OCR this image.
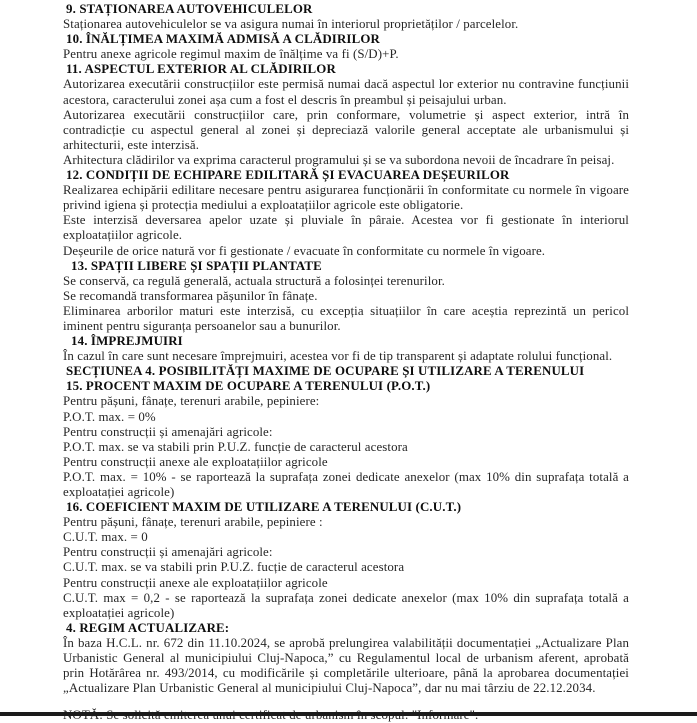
9. STAȚIONAREA AUTOVEHICULELOR
Staționarea autovehiculelor se va asigura numai în interiorul proprietăților / parcelelor.
10. ÎNĂLȚIMEA MAXIMĂ ADMISĂ A CLĂDIRILOR
Pentru anexe agricole regimul maxim de înălțime va fi (S/D)+P.
11. ASPECTUL EXTERIOR AL CLĂDIRILOR
Autorizarea executării construcțiilor este permisă numai dacă aspectul lor exterior nu contravine funcțiunii acestora, caracterului zonei așa cum a fost el descris în preambul și peisajului urban.
Autorizarea executării construcțiilor care, prin conformare, volumetrie și aspect exterior, intră în contradicție cu aspectul general al zonei și depreciază valorile general acceptate ale urbanismului și arhitecturii, este interzisă.
Arhitectura clădirilor va exprima caracterul programului și se va subordona nevoii de încadrare în peisaj.
12. CONDIȚII DE ECHIPARE EDILITARĂ ȘI EVACUAREA DEȘEURILOR
Realizarea echipării edilitare necesare pentru asigurarea funcționării în conformitate cu normele în vigoare privind igiena și protecția mediului a exploatațiilor agricole este obligatorie.
Este interzisă deversarea apelor uzate și pluviale în pâraie. Acestea vor fi gestionate în interiorul exploatațiilor agricole.
Deșeurile de orice natură vor fi gestionate / evacuate în conformitate cu normele în vigoare.
13. SPAȚII LIBERE ȘI SPAȚII PLANTATE
Se conservă, ca regulă generală, actuala structură a folosinței terenurilor.
Se recomandă transformarea pășunilor în fânațe.
Eliminarea arborilor maturi este interzisă, cu excepția situațiilor în care aceștia reprezintă un pericol iminent pentru siguranța persoanelor sau a bunurilor.
14. ÎMPREJMUIRI
În cazul în care sunt necesare împrejmuiri, acestea vor fi de tip transparent și adaptate rolului funcțional.
SECȚIUNEA 4. POSIBILITĂȚI MAXIME DE OCUPARE ȘI UTILIZARE A TERENULUI
15. PROCENT MAXIM DE OCUPARE A TERENULUI (P.O.T.)
Pentru pășuni, fânațe, terenuri arabile, pepiniere:
P.O.T. max. = 0%
Pentru construcții și amenajări agricole:
P.O.T. max. se va stabili prin P.U.Z. funcție de caracterul acestora
Pentru construcții anexe ale exploatațiilor agricole
P.O.T. max. = 10% - se raportează la suprafața zonei dedicate anexelor (max 10% din suprafața totală a exploatației agricole)
16. COEFICIENT MAXIM DE UTILIZARE A TERENULUI (C.U.T.)
Pentru pășuni, fânațe, terenuri arabile, pepiniere :
C.U.T. max. = 0
Pentru construcții și amenajări agricole:
C.U.T. max. se va stabili prin P.U.Z. fucție de caracterul acestora
Pentru construcții anexe ale exploatațiilor agricole
C.U.T. max = 0,2 - se raportează la suprafața zonei dedicate anexelor (max 10% din suprafața totală a exploatației agricole)
4. REGIM ACTUALIZARE:
În baza H.C.L. nr. 672 din 11.10.2024, se aprobă prelungirea valabilității documentației „Actualizare Plan Urbanistic General al municipiului Cluj-Napoca,” cu Regulamentul local de urbanism aferent, aprobată prin Hotărârea nr. 493/2014, cu modificările și completările ulterioare, până la aprobarea documentației „Actualizare Plan Urbanistic General al municipiului Cluj-Napoca”, dar nu mai târziu de 22.12.2034.
